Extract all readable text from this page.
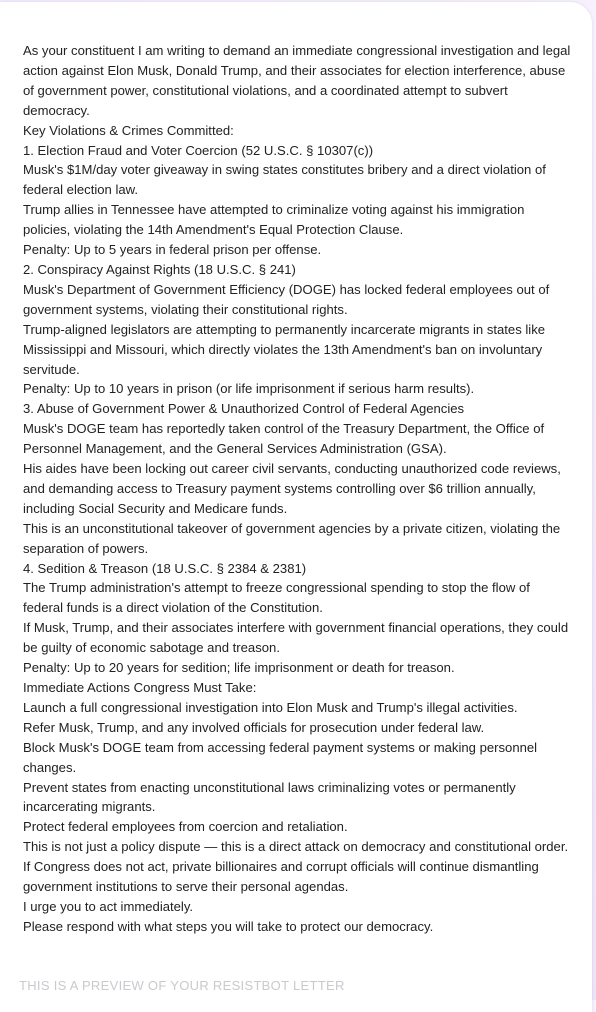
As your constituent I am writing to demand an immediate congressional investigation and legal action against Elon Musk, Donald Trump, and their associates for election interference, abuse of government power, constitutional violations, and a coordinated attempt to subvert democracy.

Key Violations & Crimes Committed:

1. Election Fraud and Voter Coercion (52 U.S.C. § 10307(c))

Musk's $1M/day voter giveaway in swing states constitutes bribery and a direct violation of federal election law.

Trump allies in Tennessee have attempted to criminalize voting against his immigration policies, violating the 14th Amendment's Equal Protection Clause.

Penalty: Up to 5 years in federal prison per offense.

2. Conspiracy Against Rights (18 U.S.C. § 241)

Musk's Department of Government Efficiency (DOGE) has locked federal employees out of government systems, violating their constitutional rights.

Trump-aligned legislators are attempting to permanently incarcerate migrants in states like Mississippi and Missouri, which directly violates the 13th Amendment's ban on involuntary servitude.

Penalty: Up to 10 years in prison (or life imprisonment if serious harm results).

3. Abuse of Government Power & Unauthorized Control of Federal Agencies

Musk's DOGE team has reportedly taken control of the Treasury Department, the Office of Personnel Management, and the General Services Administration (GSA).

His aides have been locking out career civil servants, conducting unauthorized code reviews, and demanding access to Treasury payment systems controlling over $6 trillion annually, including Social Security and Medicare funds.

This is an unconstitutional takeover of government agencies by a private citizen, violating the separation of powers.

4. Sedition & Treason (18 U.S.C. § 2384 & 2381)

The Trump administration's attempt to freeze congressional spending to stop the flow of federal funds is a direct violation of the Constitution.

If Musk, Trump, and their associates interfere with government financial operations, they could be guilty of economic sabotage and treason.

Penalty: Up to 20 years for sedition; life imprisonment or death for treason.

Immediate Actions Congress Must Take:

Launch a full congressional investigation into Elon Musk and Trump's illegal activities.

Refer Musk, Trump, and any involved officials for prosecution under federal law.

Block Musk's DOGE team from accessing federal payment systems or making personnel changes.

Prevent states from enacting unconstitutional laws criminalizing votes or permanently incarcerating migrants.

Protect federal employees from coercion and retaliation.

This is not just a policy dispute — this is a direct attack on democracy and constitutional order. If Congress does not act, private billionaires and corrupt officials will continue dismantling government institutions to serve their personal agendas.

I urge you to act immediately.

Please respond with what steps you will take to protect our democracy.

THIS IS A PREVIEW OF YOUR RESISTBOT LETTER
